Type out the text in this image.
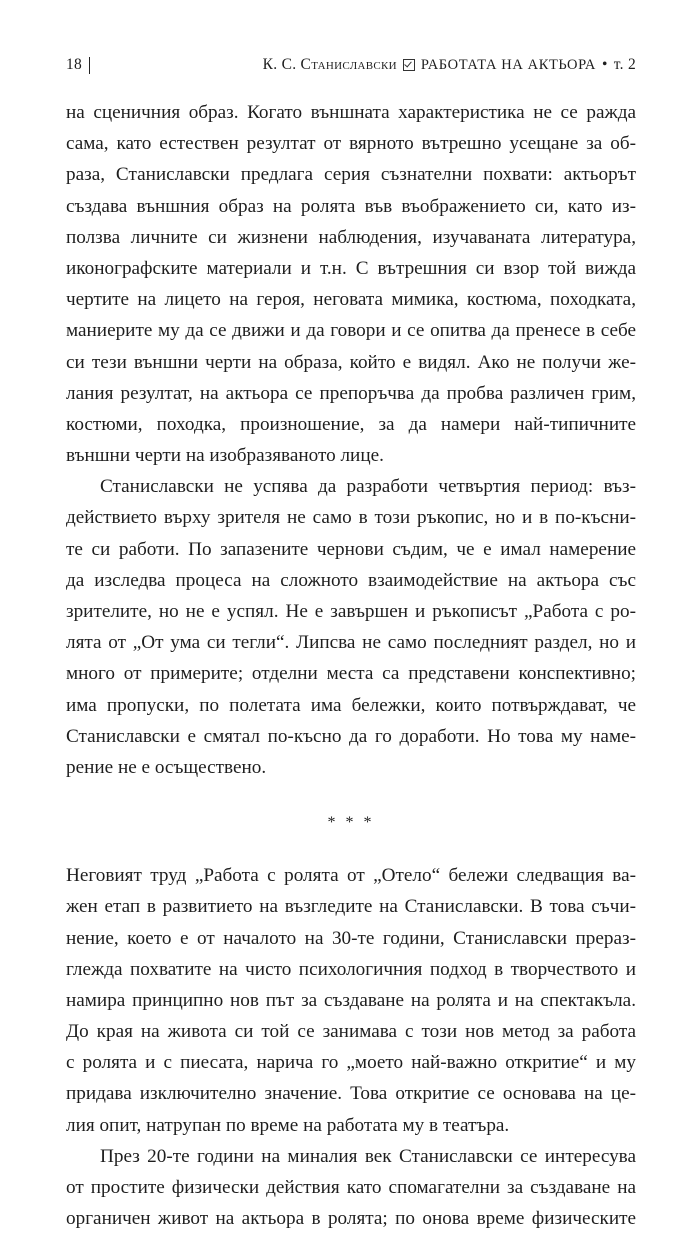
18	К. С. Станиславски РАБОТАТА НА АКТЬОРА • т. 2
на сценичния образ. Когато външната характеристика не се ражда
сама, като естествен резултат от вярното вътрешно усещане за об-
раза, Станиславски предлага серия съзнателни похвати: актьорът
създава външния образ на ролята във въображението си, като из-
ползва личните си жизнени наблюдения, изучаваната литература,
иконографските материали и т.н. С вътрешния си взор той вижда
чертите на лицето на героя, неговата мимика, костюма, походката,
маниерите му да се движи и да говори и се опитва да пренесе в себе
си тези външни черти на образа, който е видял. Ако не получи же-
лания резултат, на актьора се препоръчва да пробва различен грим,
костюми, походка, произношение, за да намери най-типичните
външни черти на изобразяваното лице.
Станиславски не успява да разработи четвъртия период: въз-
действието върху зрителя не само в този ръкопис, но и в по-късни-
те си работи. По запазените чернови съдим, че е имал намерение
да изследва процеса на сложното взаимодействие на актьора със
зрителите, но не е успял. Не е завършен и ръкописът „Работа с ро-
лята от „От ума си тегли“. Липсва не само последният раздел, но и
много от примерите; отделни места са представени конспективно;
има пропуски, по полетата има бележки, които потвърждават, че
Станиславски е смятал по-късно да го доработи. Но това му наме-
рение не е осъществено.
* * *
Неговият труд „Работа с ролята от „Отело“ бележи следващия ва-
жен етап в развитието на възгледите на Станиславски. В това съчи-
нение, което е от началото на 30-те години, Станиславски прераз-
глежда похватите на чисто психологичния подход в творчеството и
намира принципно нов път за създаване на ролята и на спектакъла.
До края на живота си той се занимава с този нов метод за работа
с ролята и с пиесата, нарича го „моето най-важно откритие“ и му
придава изключително значение. Това откритие се основава на це-
лия опит, натрупан по време на работата му в театъра.
През 20-те години на миналия век Станиславски се интересува
от простите физически действия като спомагателни за създаване на
органичен живот на актьора в ролята; по онова време физическите
